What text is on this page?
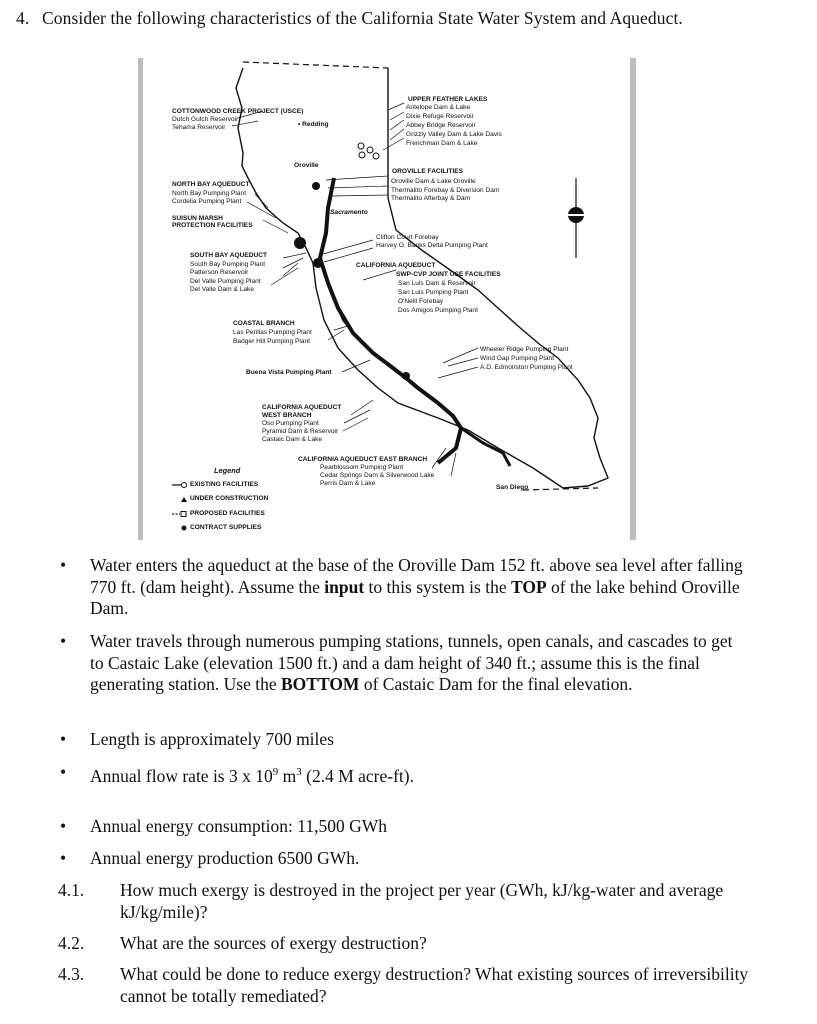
4. Consider the following characteristics of the California State Water System and Aqueduct.
UPPER FEATHER LAKES
Antelope Dam & Lake
Dixie Refuge Reservoir
Abbey Bridge Reservoir
Grizzly Valley Dam & Lake Davis
Frenchman Dam & Lake
COTTONWOOD CREEK PROJECT (USCE)
Dutch Gulch Reservoir
Tehama Reservoir	• Redding
Oroville
OROVILLE FACILITIES
Oroville Dam & Lake Oroville
Thermalito Forebay & Diversion Dam
Thermalito Afterbay & Dam
NORTH BAY AQUEDUCT
North Bay Pumping Plant
Cordelia Pumping Plant
Sacramento
SUISUN MARSH
PROTECTION FACILITIES
Clifton Court Forebay
Harvey O. Banks Delta Pumping Plant
SOUTH BAY AQUEDUCT
South Bay Pumping Plant
Patterson Reservoir
Del Valle Pumping Plant
Del Valle Dam & Lake
CALIFORNIA AQUEDUCT
SWP-CVP JOINT USE FACILITIES
San Luis Dam & Reservoir
San Luis Pumping Plant
O'Neill Forebay
Dos Amigos Pumping Plant
COASTAL BRANCH
Las Perillas Pumping Plant
Badger Hill Pumping Plant
Wheeler Ridge Pumping Plant
Wind Gap Pumping Plant
A.D. Edmonston Pumping Plant
Buena Vista Pumping Plant
CALIFORNIA AQUEDUCT
WEST BRANCH
Oso Pumping Plant
Pyramid Dam & Reservoir
Castaic Dam & Lake
CALIFORNIA AQUEDUCT EAST BRANCH
Pearblossom Pumping Plant
Cedar Springs Dam & Silverwood Lake
Perris Dam & Lake
San Diego
Legend
EXISTING FACILITIES
UNDER CONSTRUCTION
PROPOSED FACILITIES
CONTRACT SUPPLIES
• Water enters the aqueduct at the base of the Oroville Dam 152 ft. above sea level after falling 770 ft. (dam height). Assume the input to this system is the TOP of the lake behind Oroville Dam.
• Water travels through numerous pumping stations, tunnels, open canals, and cascades to get to Castaic Lake (elevation 1500 ft.) and a dam height of 340 ft.; assume this is the final generating station. Use the BOTTOM of Castaic Dam for the final elevation.
• Length is approximately 700 miles
• Annual flow rate is 3 x $10^9$ $m^3$ (2.4 M acre-ft).
• Annual energy consumption: 11,500 GWh
• Annual energy production 6500 GWh.
4.1. How much exergy is destroyed in the project per year (GWh, kJ/kg-water and average kJ/kg/mile)?
4.2. What are the sources of exergy destruction?
4.3. What could be done to reduce exergy destruction? What existing sources of irreversibility cannot be totally remediated?
